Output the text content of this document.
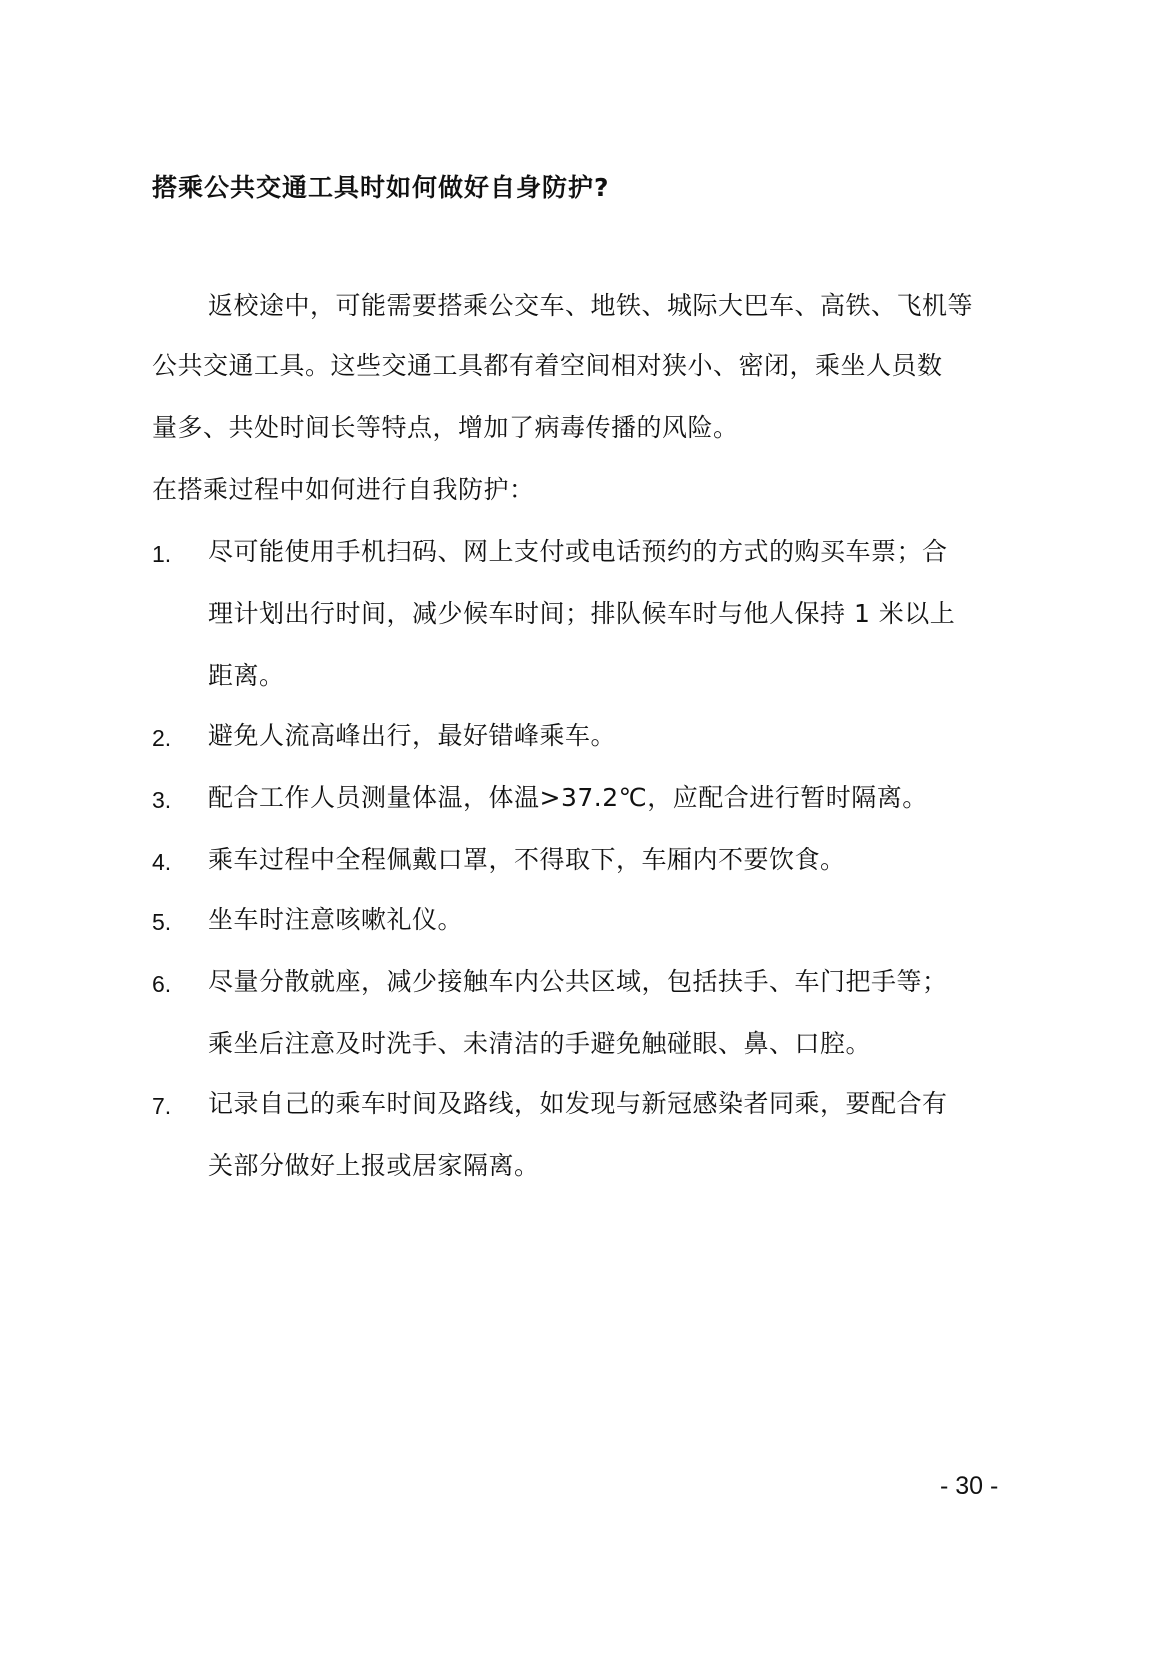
搭乘公共交通工具时如何做好自身防护?
返校途中，可能需要搭乘公交车、地铁、城际大巴车、高铁、飞机等
公共交通工具。这些交通工具都有着空间相对狭小、密闭，乘坐人员数
量多、共处时间长等特点，增加了病毒传播的风险。
在搭乘过程中如何进行自我防护：
1. 尽可能使用手机扫码、网上支付或电话预约的方式的购买车票；合
理计划出行时间，减少候车时间；排队候车时与他人保持 1 米以上
距离。
2. 避免人流高峰出行，最好错峰乘车。
3. 配合工作人员测量体温，体温>37.2℃，应配合进行暂时隔离。
4. 乘车过程中全程佩戴口罩，不得取下，车厢内不要饮食。
5. 坐车时注意咳嗽礼仪。
6. 尽量分散就座，减少接触车内公共区域，包括扶手、车门把手等；
乘坐后注意及时洗手、未清洁的手避免触碰眼、鼻、口腔。
7. 记录自己的乘车时间及路线，如发现与新冠感染者同乘，要配合有
关部分做好上报或居家隔离。
- 30 -
